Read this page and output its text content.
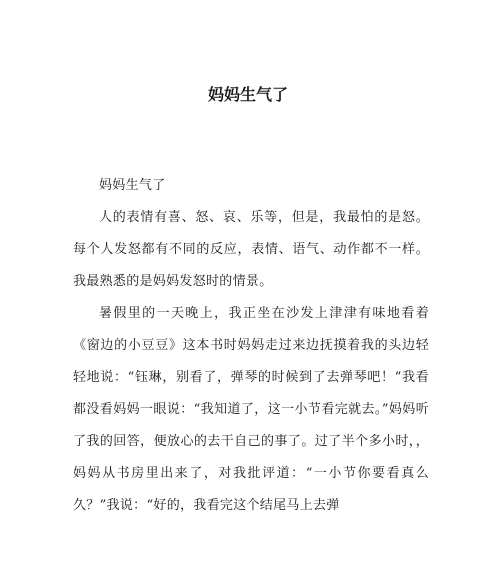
妈妈生气了

妈妈生气了

人的表情有喜、怒、哀、乐等，但是，我最怕的是怒。每个人发怒都有不同的反应，表情、语气、动作都不一样。我最熟悉的是妈妈发怒时的情景。

暑假里的一天晚上，我正坐在沙发上津津有味地看着《窗边的小豆豆》这本书时妈妈走过来边抚摸着我的头边轻轻地说：“钰琳，别看了，弹琴的时候到了去弹琴吧！”我看都没看妈妈一眼说：“我知道了，这一小节看完就去。”妈妈听了我的回答，便放心的去干自己的事了。过了半个多小时，，妈妈从书房里出来了，对我批评道：“一小节你要看真么久？”我说：“好的，我看完这个结尾马上去弹
